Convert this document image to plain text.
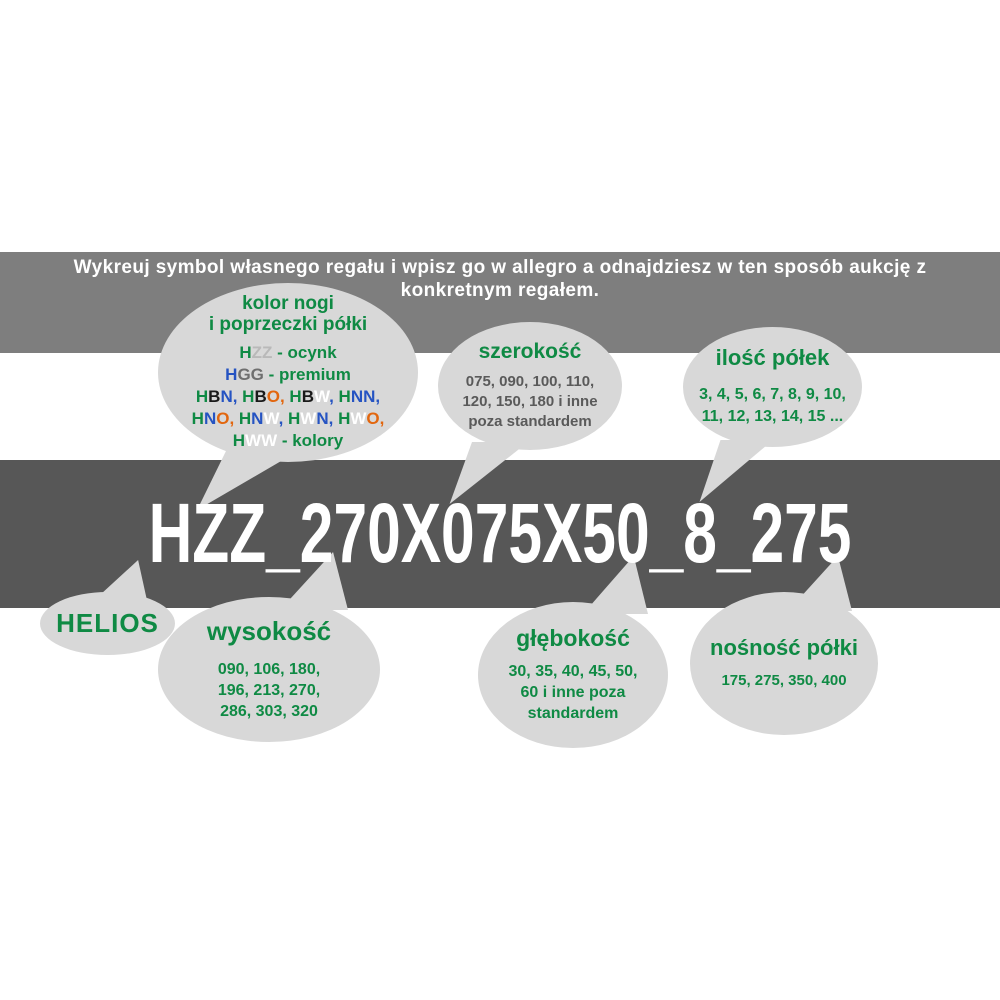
Wykreuj symbol własnego regału i wpisz go w allegro a odnajdziesz w ten sposób aukcję z
konkretnym regałem.
HZZ_270X075X50_8_275
kolor nogi
i poprzeczki półki
HZZ - ocynk
HGG - premium
HBN, HBO, HBW, HNN,
HNO, HNW, HWN, HWO,
HWW - kolory
szerokość
075, 090, 100, 110,
120, 150, 180 i inne
poza standardem
ilość półek
3, 4, 5, 6, 7, 8, 9, 10,
11, 12, 13, 14, 15 ...
HELIOS wysokość
090, 106, 180,
196, 213, 270,
286, 303, 320
głębokość
30, 35, 40, 45, 50,
60 i inne poza
standardem
nośność półki
175, 275, 350, 400
